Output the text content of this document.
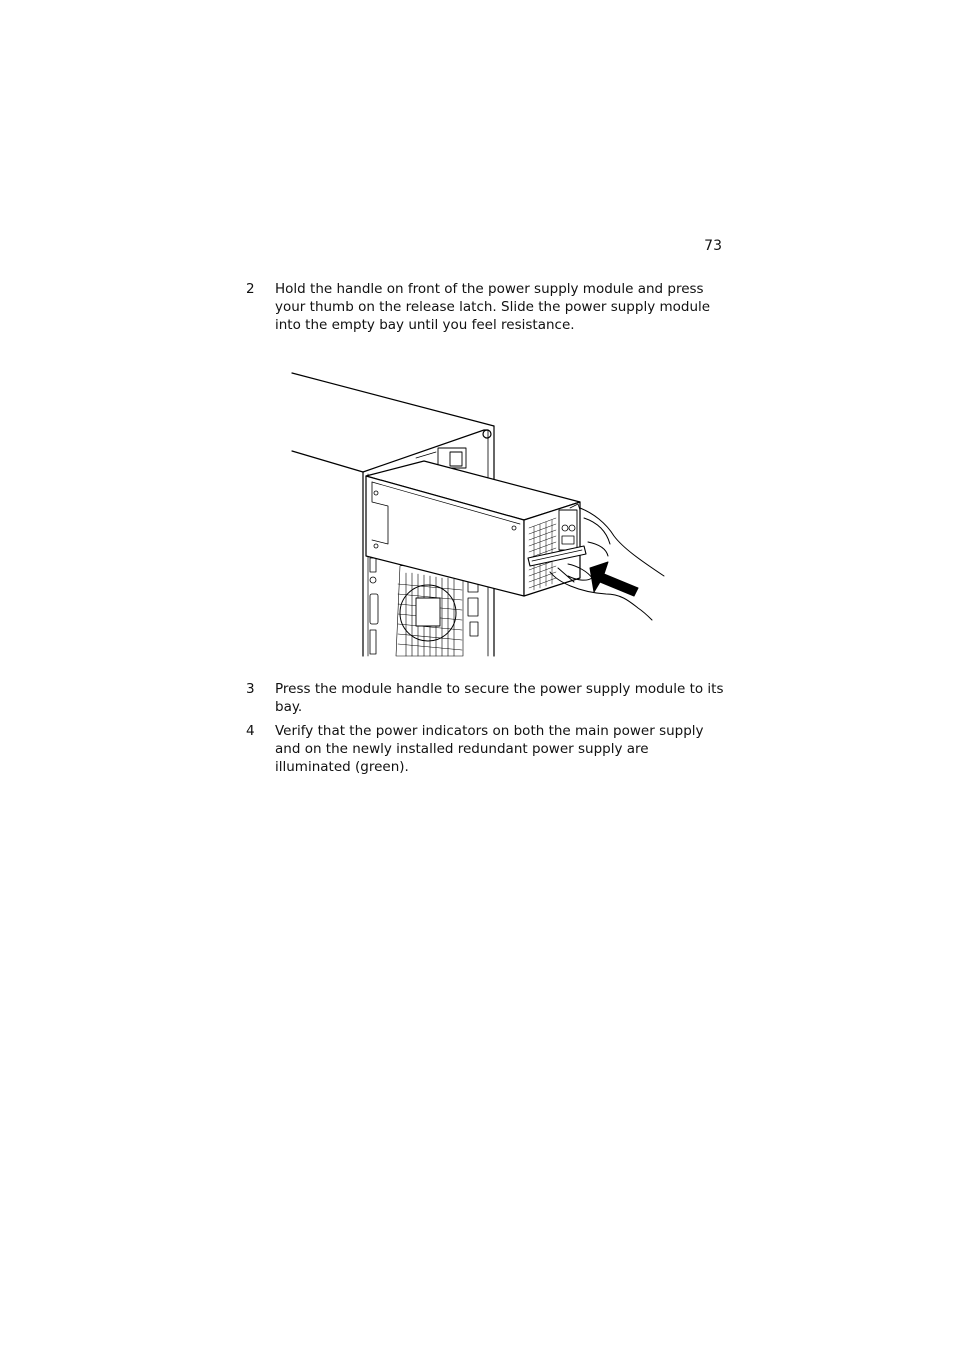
73
2	Hold the handle on front of the power supply module and press your thumb on the release latch. Slide the power supply module into the empty bay until you feel resistance.
3	Press the module handle to secure the power supply module to its bay.
4	Verify that the power indicators on both the main power supply and on the newly installed redundant power supply are illuminated (green).
